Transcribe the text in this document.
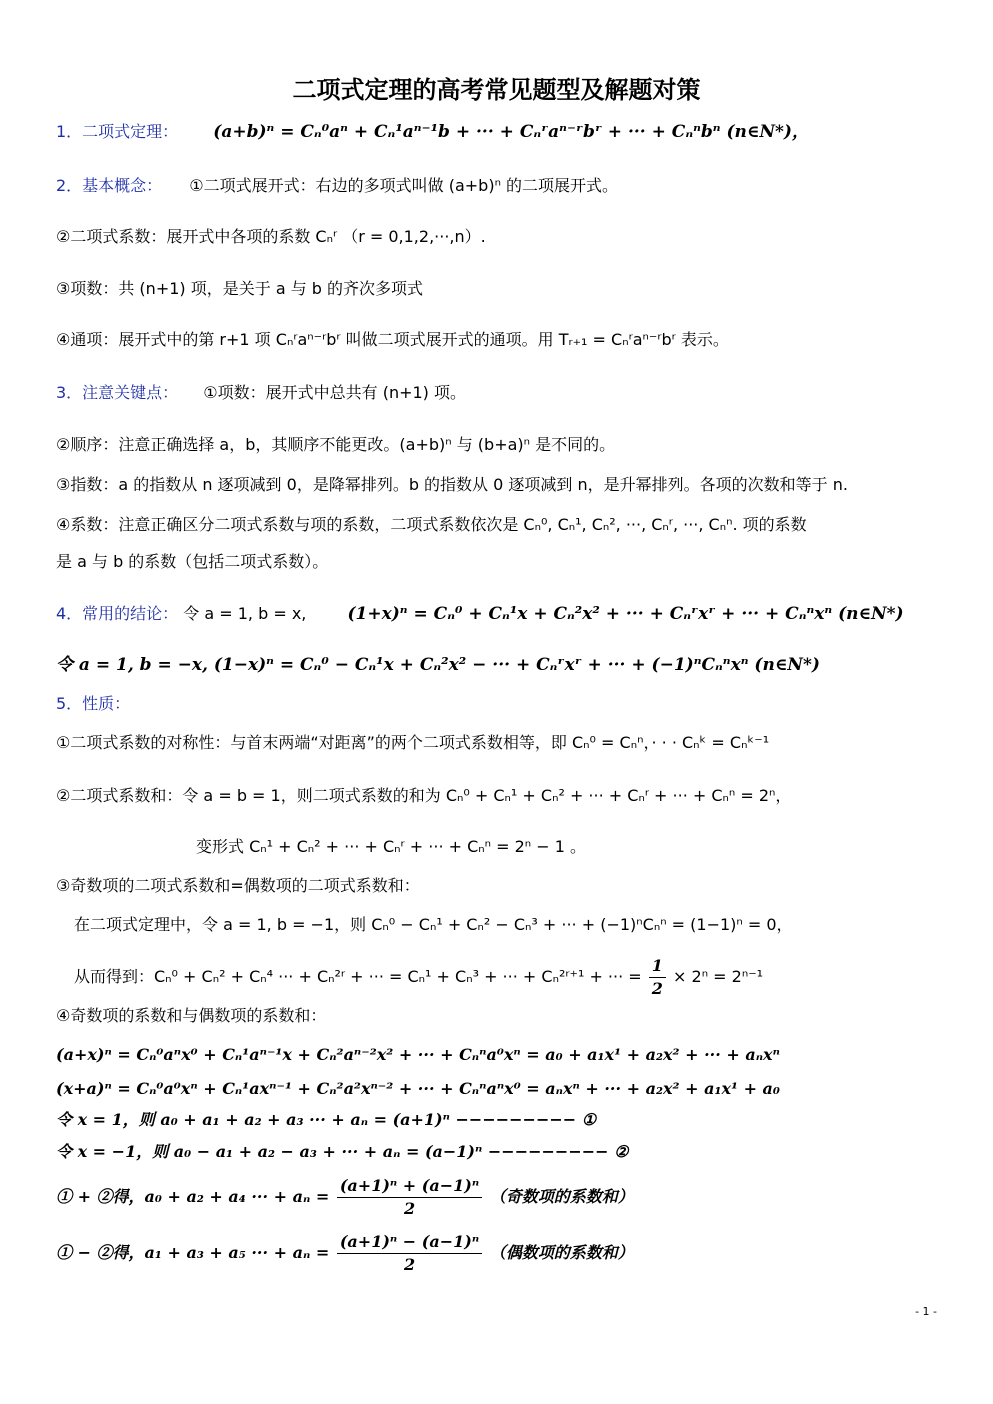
二项式定理的高考常见题型及解题对策
1．二项式定理： (a+b)ⁿ = Cₙ⁰aⁿ + Cₙ¹aⁿ⁻¹b + ··· + Cₙʳaⁿ⁻ʳbʳ + ··· + Cₙⁿbⁿ (n∈N*)，
2．基本概念： ①二项式展开式：右边的多项式叫做 (a+b)ⁿ 的二项展开式。
②二项式系数：展开式中各项的系数 Cₙʳ （r = 0,1,2,···,n）.
③项数：共 (n+1) 项，是关于 a 与 b 的齐次多项式
④通项：展开式中的第 r+1 项 Cₙʳaⁿ⁻ʳbʳ 叫做二项式展开式的通项。用 Tᵣ₊₁ = Cₙʳaⁿ⁻ʳbʳ 表示。
3．注意关键点： ①项数：展开式中总共有 (n+1) 项。
②顺序：注意正确选择 a，b，其顺序不能更改。(a+b)ⁿ 与 (b+a)ⁿ 是不同的。
③指数：a 的指数从 n 逐项减到 0，是降幂排列。b 的指数从 0 逐项减到 n，是升幂排列。各项的次数和等于 n.
④系数：注意正确区分二项式系数与项的系数，二项式系数依次是 Cₙ⁰, Cₙ¹, Cₙ², ···, Cₙʳ, ···, Cₙⁿ. 项的系数
是 a 与 b 的系数（包括二项式系数）。
4．常用的结论： 令 a = 1, b = x, (1+x)ⁿ = Cₙ⁰ + Cₙ¹x + Cₙ²x² + ··· + Cₙʳxʳ + ··· + Cₙⁿxⁿ (n∈N*)
令 a = 1, b = −x, (1−x)ⁿ = Cₙ⁰ − Cₙ¹x + Cₙ²x² − ··· + Cₙʳxʳ + ··· + (−1)ⁿCₙⁿxⁿ (n∈N*)
5．性质：
①二项式系数的对称性：与首末两端“对距离”的两个二项式系数相等，即 Cₙ⁰ = Cₙⁿ，· · · Cₙᵏ = Cₙᵏ⁻¹
②二项式系数和：令 a = b = 1，则二项式系数的和为 Cₙ⁰ + Cₙ¹ + Cₙ² + ··· + Cₙʳ + ··· + Cₙⁿ = 2ⁿ，
变形式 Cₙ¹ + Cₙ² + ··· + Cₙʳ + ··· + Cₙⁿ = 2ⁿ − 1 。
③奇数项的二项式系数和=偶数项的二项式系数和：
在二项式定理中，令 a = 1, b = −1，则 Cₙ⁰ − Cₙ¹ + Cₙ² − Cₙ³ + ··· + (−1)ⁿCₙⁿ = (1−1)ⁿ = 0，
从而得到：Cₙ⁰ + Cₙ² + Cₙ⁴ ··· + Cₙ²ʳ + ··· = Cₙ¹ + Cₙ³ + ··· + Cₙ²ʳ⁺¹ + ··· = $\frac{1}{2} \times 2^n = 2^{n-1}$
④奇数项的系数和与偶数项的系数和：
(a+x)ⁿ = Cₙ⁰aⁿx⁰ + Cₙ¹aⁿ⁻¹x + Cₙ²aⁿ⁻²x² + ··· + Cₙⁿa⁰xⁿ = a₀ + a₁x¹ + a₂x² + ··· + aₙxⁿ
(x+a)ⁿ = Cₙ⁰a⁰xⁿ + Cₙ¹axⁿ⁻¹ + Cₙ²a²xⁿ⁻² + ··· + Cₙⁿaⁿx⁰ = aₙxⁿ + ··· + a₂x² + a₁x¹ + a₀
令 x = 1，则 a₀ + a₁ + a₂ + a₃ ··· + aₙ = (a+1)ⁿ −−−−−−−−− ①
令 x = −1，则 a₀ − a₁ + a₂ − a₃ + ··· + aₙ = (a−1)ⁿ −−−−−−−−− ②
① + ②得，a₀ + a₂ + a₄ ··· + $a_n = \frac{\text{(a+1)ⁿ + (a−1)ⁿ}}{2}$ （奇数项的系数和）
① − ②得，a₁ + a₃ + a₅ ··· + $a_n = \frac{\text{(a+1)ⁿ − (a−1)ⁿ}}{2}$ （偶数项的系数和）
- 1 -
